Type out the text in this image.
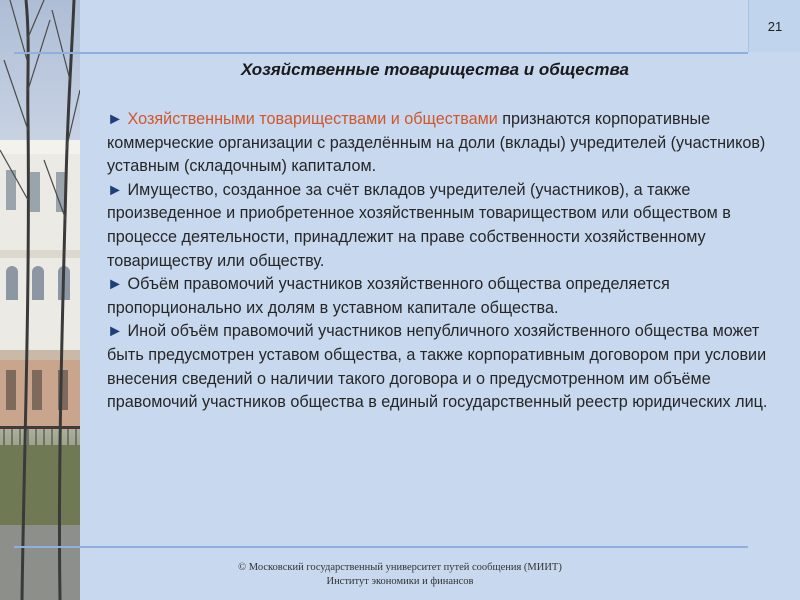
21
Хозяйственные товарищества и общества

► Хозяйственными товариществами и обществами признаются корпоративные коммерческие организации с разделённым на доли (вклады) учредителей (участников) уставным (складочным) капиталом.

► Имущество, созданное за счёт вкладов учредителей (участников), а также произведенное и приобретенное хозяйственным товариществом или обществом в процессе деятельности, принадлежит на праве собственности хозяйственному товариществу или обществу.

► Объём правомочий участников хозяйственного общества определяется пропорционально их долям в уставном капитале общества.

► Иной объём правомочий участников непубличного хозяйственного общества может быть предусмотрен уставом общества, а также корпоративным договором при условии внесения сведений о наличии такого договора и о предусмотренном им объёме правомочий участников общества в единый государственный реестр юридических лиц.

© Московский государственный университет путей сообщения (МИИТ)
Институт экономики и финансов
